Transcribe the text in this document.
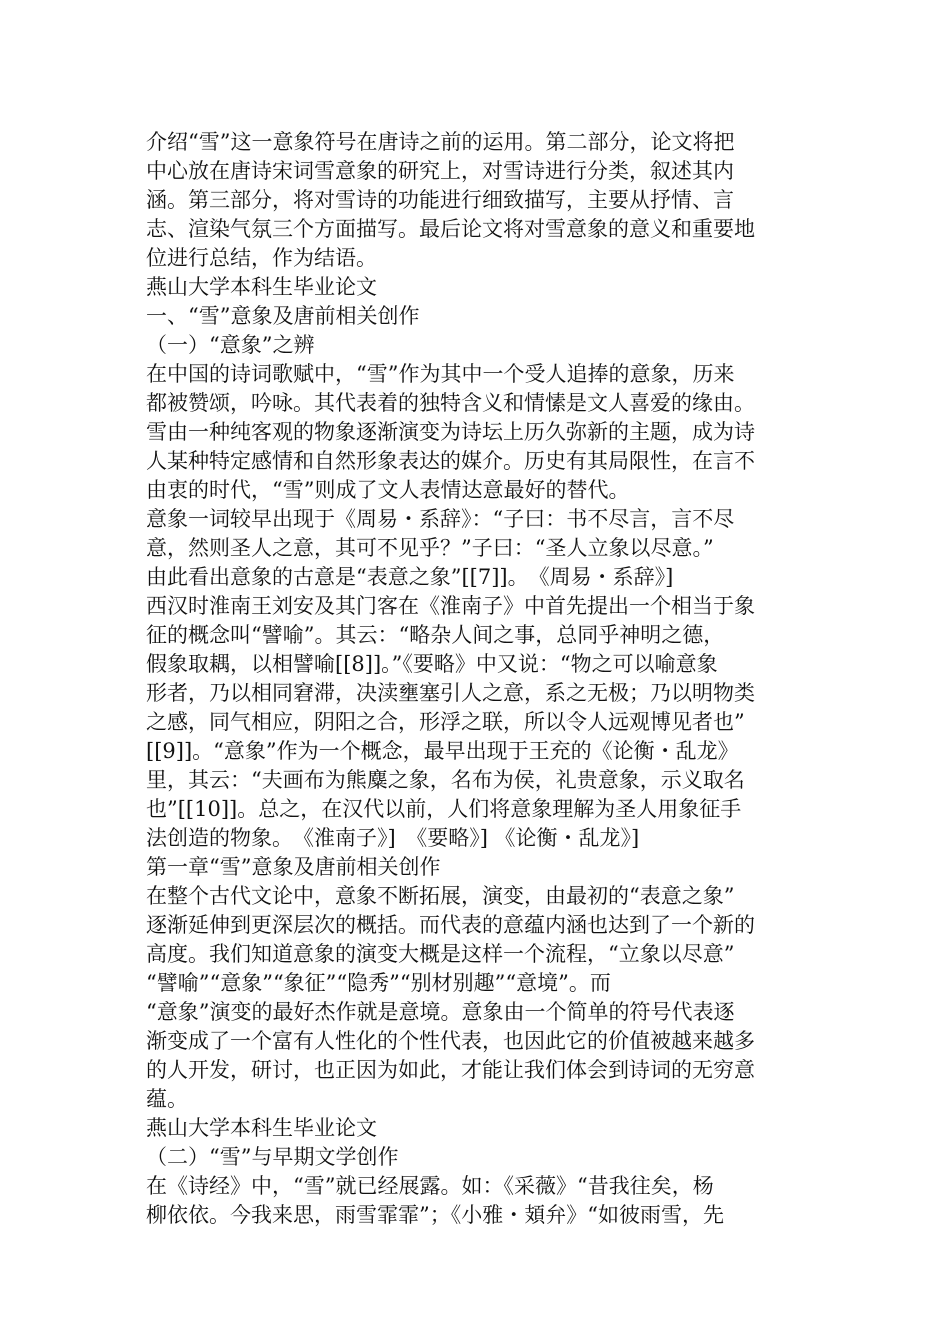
介绍“雪”这一意象符号在唐诗之前的运用。第二部分，论文将把
中心放在唐诗宋词雪意象的研究上，对雪诗进行分类，叙述其内
涵。第三部分，将对雪诗的功能进行细致描写，主要从抒情、言
志、渲染气氛三个方面描写。最后论文将对雪意象的意义和重要地
位进行总结，作为结语。
燕山大学本科生毕业论文
一、“雪”意象及唐前相关创作
（一）“意象”之辨
在中国的诗词歌赋中，“雪”作为其中一个受人追捧的意象，历来
都被赞颂，吟咏。其代表着的独特含义和情愫是文人喜爱的缘由。
雪由一种纯客观的物象逐渐演变为诗坛上历久弥新的主题，成为诗
人某种特定感情和自然形象表达的媒介。历史有其局限性，在言不
由衷的时代，“雪”则成了文人表情达意最好的替代。
意象一词较早出现于《周易・系辞》：“子曰：书不尽言，言不尽
意，然则圣人之意，其可不见乎？”子曰：“圣人立象以尽意。”
由此看出意象的古意是“表意之象”[[7]]。　《周易・系辞》]
西汉时淮南王刘安及其门客在《淮南子》中首先提出一个相当于象
征的概念叫“譬喻”。其云：“略杂人间之事，总同乎神明之德，
假象取耦，以相譬喻[[8]]。”《要略》中又说：“物之可以喻意象
形者，乃以相同窘滞，决渎壅塞引人之意，系之无极；乃以明物类
之感，同气相应，阴阳之合，形浮之联，所以令人远观博见者也”
[[9]]。“意象”作为一个概念，最早出现于王充的《论衡・乱龙》
里，其云：“夫画布为熊麋之象，名布为侯，礼贵意象，示义取名
也”[[10]]。总之，在汉代以前，人们将意象理解为圣人用象征手
法创造的物象。　《淮南子》]　《要略》] 《论衡・乱龙》]
第一章“雪”意象及唐前相关创作
在整个古代文论中，意象不断拓展，演变，由最初的“表意之象”
逐渐延伸到更深层次的概括。而代表的意蕴内涵也达到了一个新的
高度。我们知道意象的演变大概是这样一个流程，“立象以尽意”
“譬喻”“意象”“象征”“隐秀”“别材别趣”“意境”。而
“意象”演变的最好杰作就是意境。意象由一个简单的符号代表逐
渐变成了一个富有人性化的个性代表，也因此它的价值被越来越多
的人开发，研讨，也正因为如此，才能让我们体会到诗词的无穷意
蕴。
燕山大学本科生毕业论文
（二）“雪”与早期文学创作
在《诗经》中，“雪”就已经展露。如：《采薇》“昔我往矣，杨
柳依依。今我来思，雨雪霏霏”；《小雅・頍弁》“如彼雨雪，先
